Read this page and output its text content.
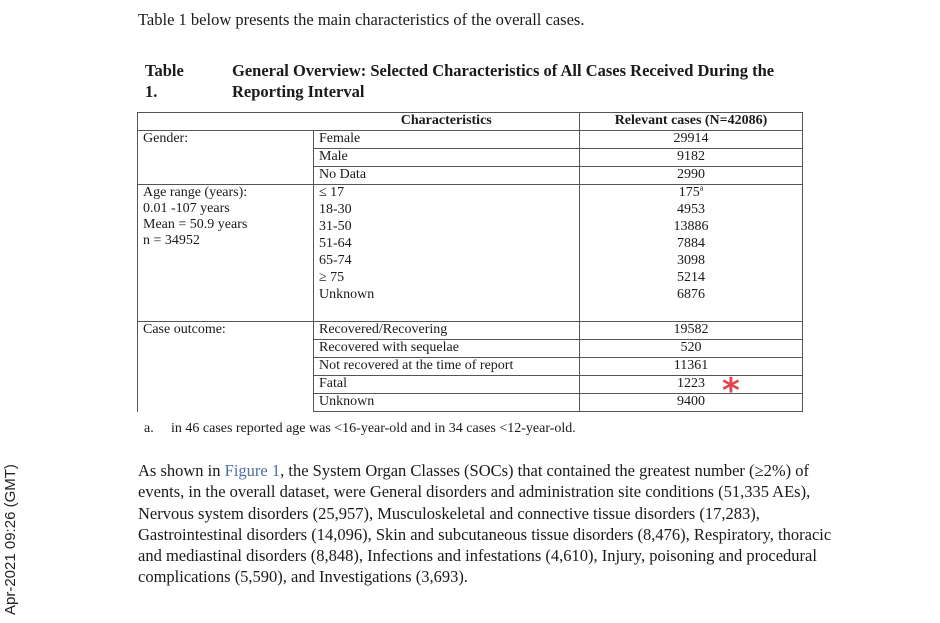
Table 1 below presents the main characteristics of the overall cases.
Table 1.
General Overview: Selected Characteristics of All Cases Received During the Reporting Interval
	Characteristics	Relevant cases (N=42086)

Gender:	Female	29914
	Male	9182
	No Data	2990

Age range (years):
0.01 -107 years
Mean = 50.9 years
n = 34952	≤ 17	175$^a$
	18-30	4953
	31-50	13886
	51-64	7884
	65-74	3098
	≥ 75	5214
	Unknown	6876

Case outcome:	Recovered/Recovering	19582
	Recovered with sequelae	520
	Not recovered at the time of report	11361
	Fatal	1223
	Unknown	9400 *
a. in 46 cases reported age was <16-year-old and in 34 cases <12-year-old.
As shown in Figure 1, the System Organ Classes (SOCs) that contained the greatest number (≥2%) of events, in the overall dataset, were General disorders and administration site conditions (51,335 AEs), Nervous system disorders (25,957), Musculoskeletal and connective tissue disorders (17,283), Gastrointestinal disorders (14,096), Skin and subcutaneous tissue disorders (8,476), Respiratory, thoracic and mediastinal disorders (8,848), Infections and infestations (4,610), Injury, poisoning and procedural complications (5,590), and Investigations (3,693).
Apr-2021 09:26 (GMT)
